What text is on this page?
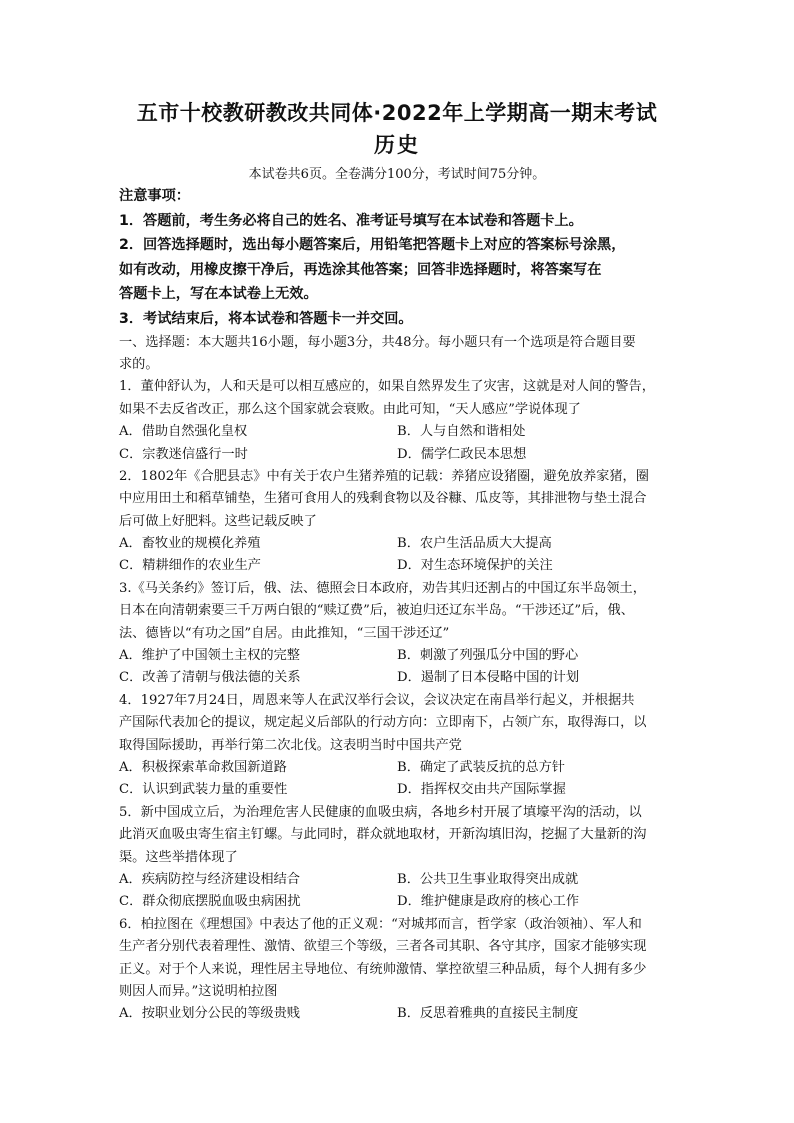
五市十校教研教改共同体·2022年上学期高一期末考试
历史
本试卷共6页。全卷满分100分，考试时间75分钟。
注意事项：
1．答题前，考生务必将自己的姓名、准考证号填写在本试卷和答题卡上。
2．回答选择题时，选出每小题答案后，用铅笔把答题卡上对应的答案标号涂黑，
如有改动，用橡皮擦干净后，再选涂其他答案；回答非选择题时，将答案写在
答题卡上，写在本试卷上无效。
3．考试结束后，将本试卷和答题卡一并交回。
一、选择题：本大题共16小题，每小题3分，共48分。每小题只有一个选项是符合题目要
求的。
1．董仲舒认为，人和天是可以相互感应的，如果自然界发生了灾害，这就是对人间的警告，
如果不去反省改正，那么这个国家就会衰败。由此可知，“天人感应”学说体现了
A．借助自然强化皇权	B．人与自然和谐相处
C．宗教迷信盛行一时	D．儒学仁政民本思想
2．1802年《合肥县志》中有关于农户生猪养殖的记载：养猪应设猪圈，避免放养家猪，圈
中应用田土和稻草铺垫，生猪可食用人的残剩食物以及谷糠、瓜皮等，其排泄物与垫土混合
后可做上好肥料。这些记载反映了
A．畜牧业的规模化养殖	B．农户生活品质大大提高
C．精耕细作的农业生产	D．对生态环境保护的关注
3.《马关条约》签订后，俄、法、德照会日本政府，劝告其归还割占的中国辽东半岛领土，
日本在向清朝索要三千万两白银的“赎辽费”后，被迫归还辽东半岛。“干涉还辽”后，俄、
法、德皆以“有功之国”自居。由此推知，“三国干涉还辽”
A．维护了中国领土主权的完整	B．刺激了列强瓜分中国的野心
C．改善了清朝与俄法德的关系	D．遏制了日本侵略中国的计划
4．1927年7月24日，周恩来等人在武汉举行会议，会议决定在南昌举行起义，并根据共
产国际代表加仑的提议，规定起义后部队的行动方向：立即南下，占领广东，取得海口，以
取得国际援助，再举行第二次北伐。这表明当时中国共产党
A．积极探索革命救国新道路	B．确定了武装反抗的总方针
C．认识到武装力量的重要性	D．指挥权交由共产国际掌握
5．新中国成立后，为治理危害人民健康的血吸虫病，各地乡村开展了填壕平沟的活动，以
此消灭血吸虫寄生宿主钉螺。与此同时，群众就地取材，开新沟填旧沟，挖掘了大量新的沟
渠。这些举措体现了
A．疾病防控与经济建设相结合	B．公共卫生事业取得突出成就
C．群众彻底摆脱血吸虫病困扰	D．维护健康是政府的核心工作
6．柏拉图在《理想国》中表达了他的正义观：“对城邦而言，哲学家（政治领袖）、军人和
生产者分别代表着理性、激情、欲望三个等级，三者各司其职、各守其序，国家才能够实现
正义。对于个人来说，理性居主导地位、有统帅激情、掌控欲望三种品质，每个人拥有多少
则因人而异。”这说明柏拉图
A．按职业划分公民的等级贵贱	B．反思着雅典的直接民主制度
